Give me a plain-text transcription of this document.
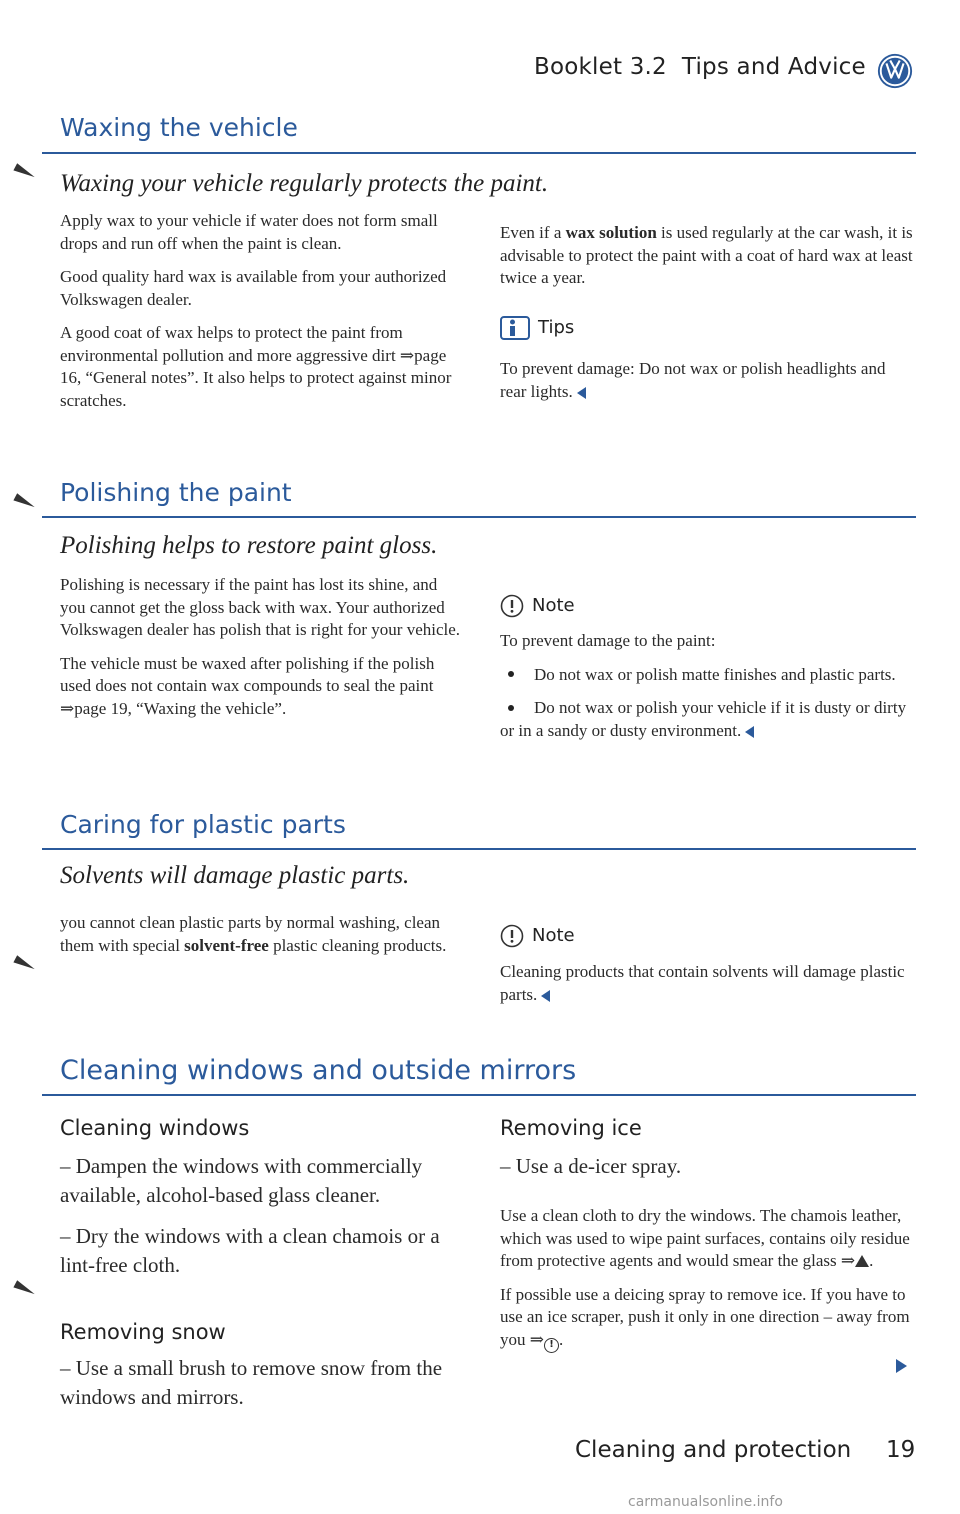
Booklet 3.2 Tips and Advice
Waxing the vehicle
Waxing your vehicle regularly protects the paint.

Apply wax to your vehicle if water does not form small drops and run off when the paint is clean.

Good quality hard wax is available from your authorized Volkswagen dealer.

A good coat of wax helps to protect the paint from environmental pollution and more aggressive dirt ⇒page 16, “General notes”. It also helps to protect against minor scratches.

Even if a wax solution is used regularly at the car wash, it is advisable to protect the paint with a coat of hard wax at least twice a year.

Tips

To prevent damage: Do not wax or polish headlights and rear lights.

Polishing the paint
Polishing helps to restore paint gloss.

Polishing is necessary if the paint has lost its shine, and you cannot get the gloss back with wax. Your authorized Volkswagen dealer has polish that is right for your vehicle.

The vehicle must be waxed after polishing if the polish used does not contain wax compounds to seal the paint ⇒page 19, “Waxing the vehicle”.

Note

To prevent damage to the paint:

Do not wax or polish matte finishes and plastic parts.

Do not wax or polish your vehicle if it is dusty or dirty or in a sandy or dusty environment.

Caring for plastic parts
Solvents will damage plastic parts.

you cannot clean plastic parts by normal washing, clean them with special solvent-free plastic cleaning products.	Note

Cleaning products that contain solvents will damage plastic parts.

Cleaning windows and outside mirrors
Cleaning windows

– Dampen the windows with commercially available, alcohol-based glass cleaner.

– Dry the windows with a clean chamois or a lint-free cloth.

Removing snow

– Use a small brush to remove snow from the windows and mirrors.

Removing ice

– Use a de-icer spray.

Use a clean cloth to dry the windows. The chamois leather, which was used to wipe paint surfaces, contains oily residue from protective agents and would smear the glass ⇒ .

If possible use a deicing spray to remove ice. If you have to use an ice scraper, push it only in one direction – away from you ⇒ ! .

Cleaning and protection 19
carmanualsonline.info
